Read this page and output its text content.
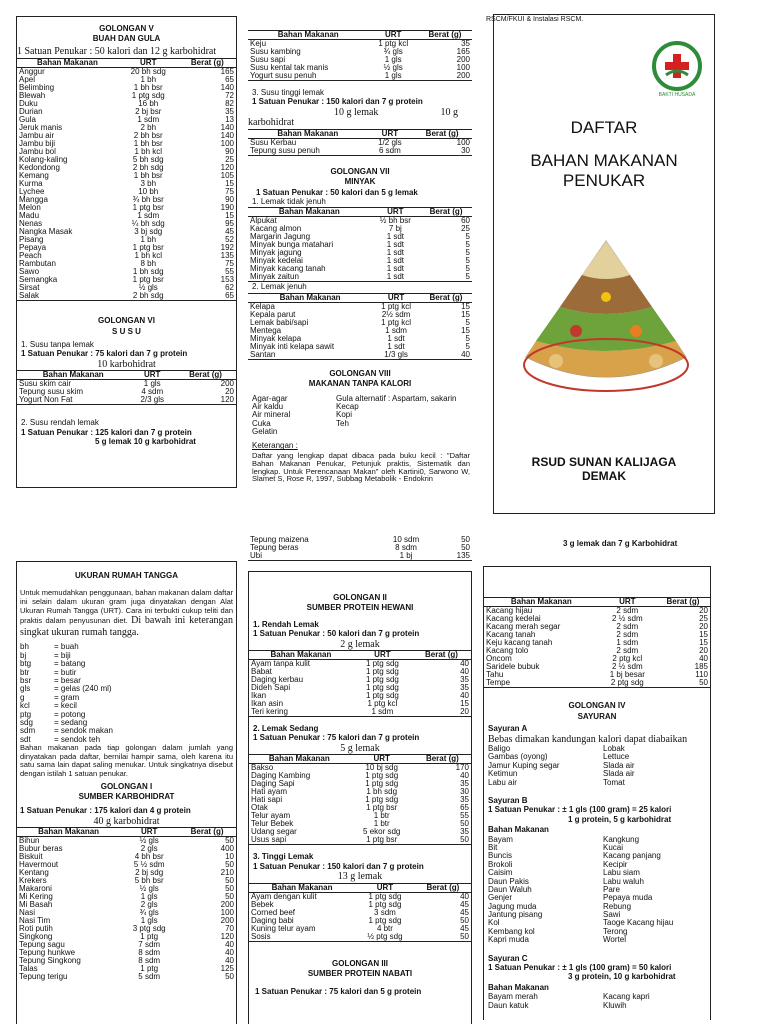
GOLONGAN V
BUAH DAN GULA
1 Satuan Penukar : 50 kalori dan 12 g karbohidrat
Bahan Makanan	URT	Berat (g)
Anggur	20 bh sdg	165
Apel	1 bh	65
Belimbing	1 bh bsr	140
Blewah	1 ptg sdg	72
Duku	16 bh	82
Durian	2 bj bsr	35
Gula	1 sdm	13
Jeruk manis	2 bh	140
Jambu air	2 bh bsr	140
Jambu biji	1 bh bsr	100
Jambu bol	1 bh kcl	90
Kolang-kaling	5 bh sdg	25
Kedondong	2 bh sdg	120
Kemang	1 bh bsr	105
Kurma	3 bh	15
Lychee	10 bh	75
Mangga	¾ bh bsr	90
Melon	1 ptg bsr	190
Madu	1 sdm	15
Nenas	¼ bh sdg	95
Nangka Masak	3 bj sdg	45
Pisang	1 bh	52
Pepaya	1 ptg bsr	192
Peach	1 bh kcl	135
Rambutan	8 bh	75
Sawo	1 bh sdg	55
Semangka	1 ptg bsr	153
Sirsat	½ gls	62
Salak	2 bh sdg	65
GOLONGAN VI
S U S U
1. Susu tanpa lemak
1 Satuan Penukar : 75 kalori dan 7 g protein
10 karbohidrat
Bahan Makanan	URT	Berat (g)
Susu skim cair	1 gls	200
Tepung susu skim	4 sdm	20
Yogurt Non Fat	2/3 gls	120
2. Susu rendah lemak
1 Satuan Penukar : 125 kalori dan 7 g protein
5 g lemak 10 g karbohidrat
Bahan Makanan	URT	Berat (g)
Keju	1 ptg kcl	35
Susu kambing	¾ gls	165
Susu sapi	1 gls	200
Susu kental tak manis	½ gls	100
Yogurt susu penuh	1 gls	200
3. Susu tinggi lemak
1 Satuan Penukar : 150 kalori dan 7 g protein
10 g lemak	10 g
karbohidrat
Bahan Makanan	URT	Berat (g)
Susu Kerbau	1/2 gls	100
Tepung susu penuh	6 sdm	30
GOLONGAN VII
MINYAK
1 Satuan Penukar : 50 kalori dan 5 g lemak
1. Lemak tidak jenuh
Bahan Makanan	URT	Berat (g)
Alpukat	½ bh bsr	60
Kacang almon	7 bj	25
Margarin Jagung	1 sdt	5
Minyak bunga matahari	1 sdt	5
Minyak jagung	1 sdt	5
Minyak kedelai	1 sdt	5
Minyak kacang tanah	1 sdt	5
Minyak zaitun	1 sdt	5
2. Lemak jenuh
Bahan Makanan	URT	Berat (g)
Kelapa	1 ptg kcl	15
Kepala parut	2½ sdm	15
Lemak babi/sapi	1 ptg kcl	5
Mentega	1 sdm	15
Minyak kelapa	1 sdt	5
Minyak inti kelapa sawit	1 sdt	5
Santan	1/3 gls	40
GOLONGAN VIII
MAKANAN TANPA KALORI
Agar-agar
Air kaldu
Air mineral
Cuka
Gelatin
Gula alternatif : Aspartam, sakarin
Kecap
Kopi
Teh
Keterangan :
Daftar yang lengkap dapat dibaca pada buku kecil : "Daftar Bahan Makanan Penukar, Petunjuk praktis, Sistematik dan lengkap. Untuk Perencanaan Makan" oleh Kartini0, Sarwono W, Slamet S, Rose R, 1997, Subbag Metabolik - Endokrin
RSCM/FKUI & Instalasi RSCM.
BAKTI HUSADA
DAFTAR
BAHAN MAKANAN
PENUKAR
RSUD SUNAN KALIJAGA
DEMAK
UKURAN RUMAH TANGGA
Untuk memudahkan penggunaan, bahan makanan dalam daftar ini selain dalam ukuran gram juga dinyatakan dengan Alat Ukuran Rumah Tangga (URT). Cara ini terbukti cukup teliti dan praktis dalam penyusunan diet. Di bawah ini keterangan singkat ukuran rumah tangga.
bh	= buah
bj	= biji
btg	= batang
btr	= butir
bsr	= besar
gls	= gelas (240 ml)
g	= gram
kcl	= kecil
ptg	= potong
sdg	= sedang
sdm	= sendok makan
sdt	= sendok teh
Bahan makanan pada tiap golongan dalam jumlah yang dinyatakan pada daftar, bernilai hampir sama, oleh karena itu satu sama lain dapat saling menukar. Untuk singkatnya disebut dengan istilah 1 satuan penukar.
GOLONGAN I
SUMBER KARBOHIDRAT
1 Satuan Penukar : 175 kalori dan 4 g protein
40 g karbohidrat
Bahan Makanan	URT	Berat (g)
Bihun	½ gls	50
Bubur beras	2 gls	400
Biskuit	4 bh bsr	10
Havermout	5 ½ sdm	50
Kentang	2 bj sdg	210
Krekers	5 bh bsr	50
Makaroni	½ gls	50
Mi Kering	1 gls	50
Mi Basah	2 gls	200
Nasi	¾ gls	100
Nasi Tim	1 gls	200
Roti putih	3 ptg sdg	70
Singkong	1 ptg	120
Tepung sagu	7 sdm	40
Tepung hunkwe	8 sdm	40
Tepung Singkong	8 sdm	40
Talas	1 ptg	125
Tepung terigu	5 sdm	50
Tepung maizena	10 sdm	50
Tepung beras	8 sdm	50
Ubi	1 bj	135
GOLONGAN II
SUMBER PROTEIN HEWANI
1. Rendah Lemak
1 Satuan Penukar : 50 kalori dan 7 g protein
2 g lemak
Bahan Makanan	URT	Berat (g)
Ayam tanpa kulit	1 ptg sdg	40
Babat	1 ptg sdg	40
Daging kerbau	1 ptg sdg	35
Dideh Sapi	1 ptg sdg	35
Ikan	1 ptg sdg	40
Ikan asin	1 ptg kcl	15
Teri kering	1 sdm	20
2. Lemak Sedang
1 Satuan Penukar : 75 kalori dan 7 g protein
5 g lemak
Bahan Makanan	URT	Berat (g)
Bakso	10 bj sdg	170
Daging Kambing	1 ptg sdg	40
Daging Sapi	1 ptg sdg	35
Hati ayam	1 bh sdg	30
Hati sapi	1 ptg sdg	35
Otak	1 ptg bsr	65
Telur ayam	1 btr	55
Telur Bebek	1 btr	50
Udang segar	5 ekor sdg	35
Usus sapi	1 ptg bsr	50
3. Tinggi Lemak
1 Satuan Penukar : 150 kalori dan 7 g protein
13 g lemak
Bahan Makanan	URT	Berat (g)
Ayam dengan kulit	1 ptg sdg	40
Bebek	1 ptg sdg	45
Corned beef	3 sdm	45
Daging babi	1 ptg sdg	50
Kuning telur ayam	4 btr	45
Sosis	½ ptg sdg	50
GOLONGAN III
SUMBER PROTEIN NABATI
1 Satuan Penukar : 75 kalori dan 5 g protein
3 g lemak dan 7 g Karbohidrat
Bahan Makanan	URT	Berat (g)
Kacang hijau	2 sdm	20
Kacang kedelai	2 ½ sdm	25
Kacang merah segar	2 sdm	20
Kacang tanah	2 sdm	15
Keju kacang tanah	1 sdm	15
Kacang tolo	2 sdm	20
Oncom	2 ptg kcl	40
Saridele bubuk	2 ½ sdm	185
Tahu	1 bj besar	110
Tempe	2 ptg sdg	50
GOLONGAN IV
SAYURAN
Sayuran A
Bebas dimakan kandungan kalori dapat diabaikan
Baligo	Lobak
Gambas (oyong)	Lettuce
Jamur Kuping segar	Slada air
Ketimun	Slada air
Labu air	Tomat
Sayuran B
1 Satuan Penukar : ± 1 gls (100 gram) = 25 kalori
1 g protein, 5 g karbohidrat
Bahan Makanan
Bayam	Kangkung
Bit	Kucai
Buncis	Kacang panjang
Brokoli	Kecipir
Caisim	Labu siam
Daun Pakis	Labu waluh
Daun Waluh	Pare
Genjer	Pepaya muda
Jagung muda	Rebung
Jantung pisang	Sawi
Kol	Taoge Kacang hijau
Kembang kol	Terong
Kapri muda	Wortel
Sayuran C
1 Satuan Penukar : ± 1 gls (100 gram) = 50 kalori
3 g protein, 10 g karbohidrat
Bahan Makanan
Bayam merah	Kacang kapri
Daun katuk	Kluwih
